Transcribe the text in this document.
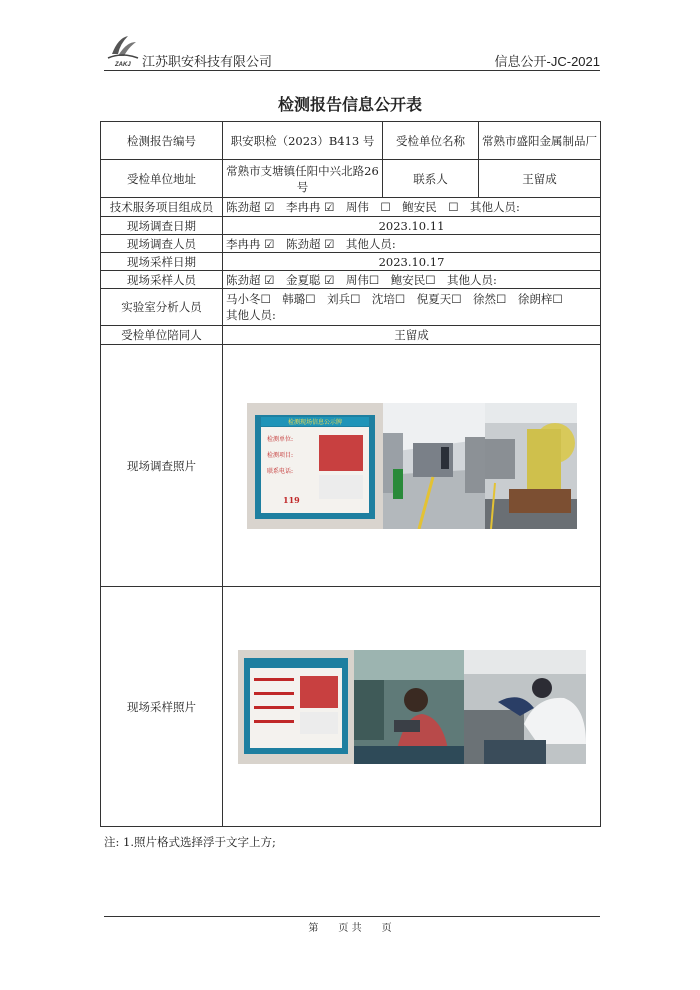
ZAKJ 江苏职安科技有限公司	信息公开-JC-2021
检测报告信息公开表
检测报告编号	职安职检（2023）B413 号	受检单位名称	常熟市盛阳金属制品厂
受检单位地址	常熟市支塘镇任阳中兴北路26 号	联系人	王留成
技术服务项目组成员	陈劲超 ☑　李冉冉 ☑　周伟　☐　鲍安民　☐　其他人员:		
现场调查日期	2023.10.11		
现场调查人员	李冉冉 ☑　陈劲超 ☑　其他人员:		
现场采样日期	2023.10.17		
现场采样人员	陈劲超 ☑　金夏聪 ☑　周伟☐　鲍安民☐　其他人员:		
实验室分析人员	马小冬☐　韩璐☐　刘兵☐　沈培☐　倪夏天☐　徐然☐　徐朗梓☐
其他人员:		

受检单位陪同人	王留成		
现场调查照片	检测现场信息公示牌
检测单位:
检测项目:
联系电话:
119		

现场采样照片	
注: 1.照片格式选择浮于文字上方;
第　　页 共　　页
